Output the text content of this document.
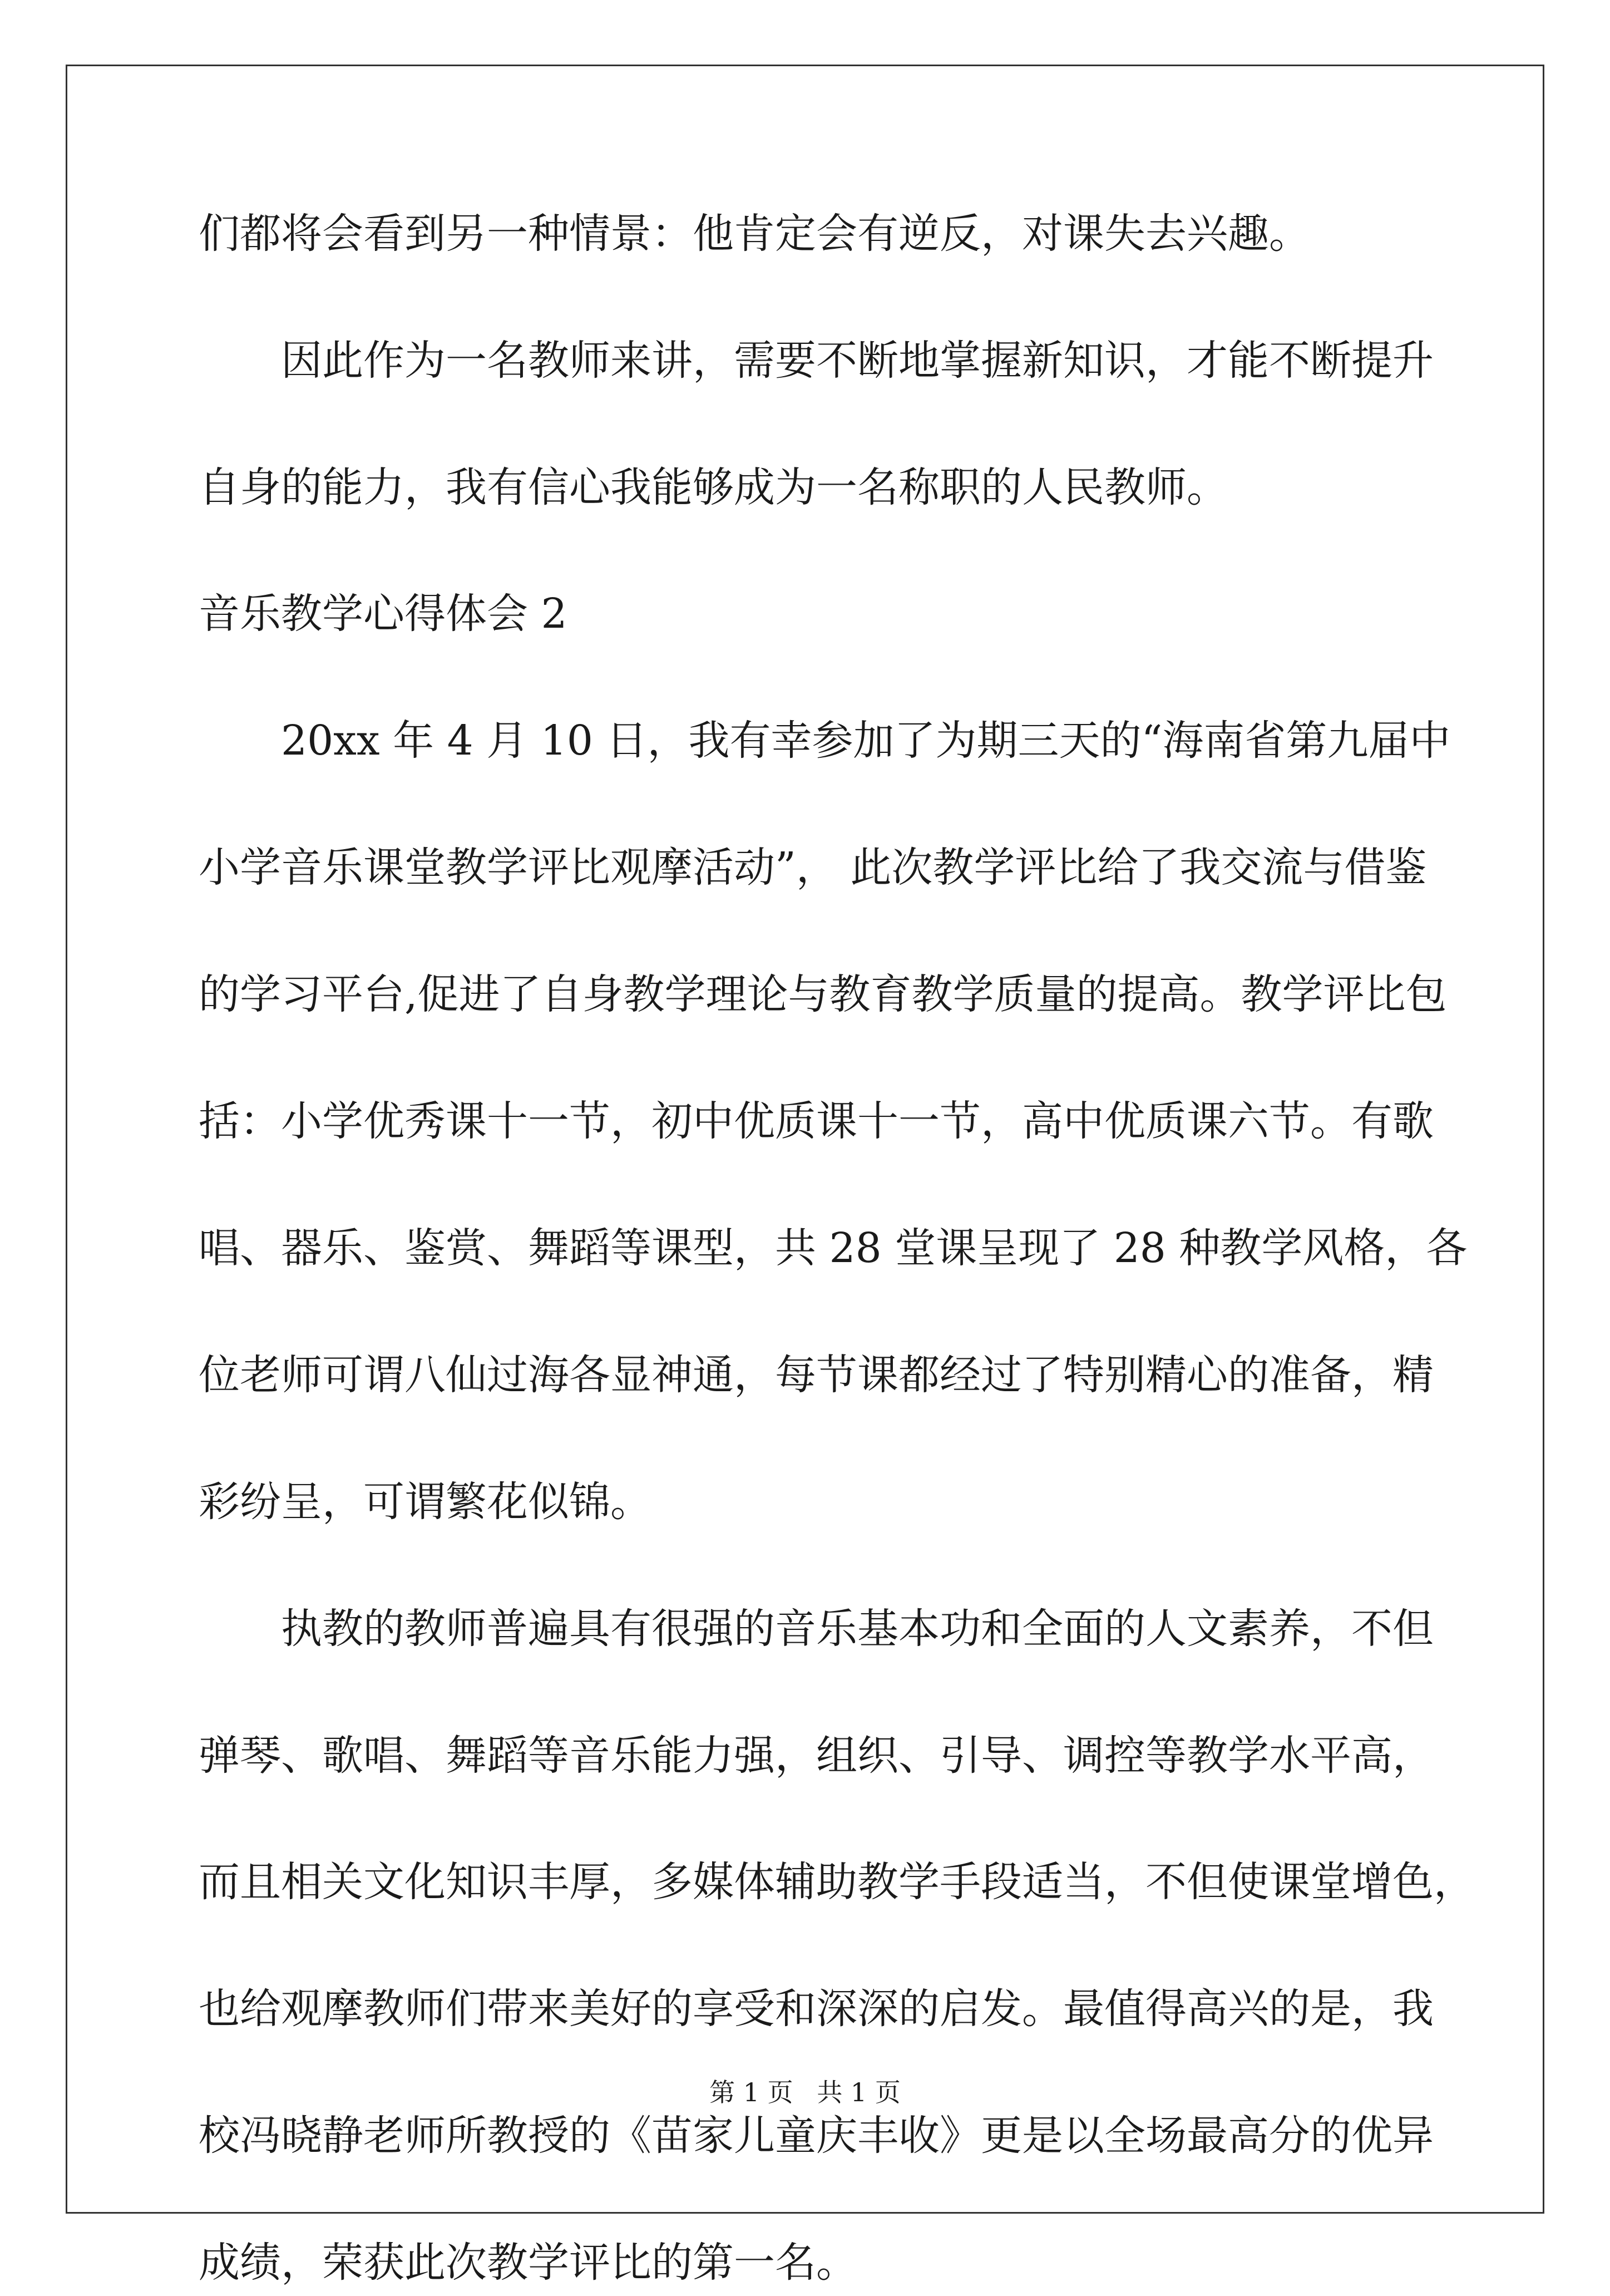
们都将会看到另一种情景：他肯定会有逆反，对课失去兴趣。
因此作为一名教师来讲，需要不断地掌握新知识，才能不断提升
自身的能力，我有信心我能够成为一名称职的人民教师。
音乐教学心得体会 2
20xx 年 4 月 10 日，我有幸参加了为期三天的“海南省第九届中
小学音乐课堂教学评比观摩活动”， 此次教学评比给了我交流与借鉴
的学习平台,促进了自身教学理论与教育教学质量的提高。教学评比包
括：小学优秀课十一节，初中优质课十一节，高中优质课六节。有歌
唱、器乐、鉴赏、舞蹈等课型，共 28 堂课呈现了 28 种教学风格，各
位老师可谓八仙过海各显神通，每节课都经过了特别精心的准备，精
彩纷呈，可谓繁花似锦。
执教的教师普遍具有很强的音乐基本功和全面的人文素养，不但
弹琴、歌唱、舞蹈等音乐能力强，组织、引导、调控等教学水平高，
而且相关文化知识丰厚，多媒体辅助教学手段适当，不但使课堂增色，
也给观摩教师们带来美好的享受和深深的启发。最值得高兴的是，我
校冯晓静老师所教授的《苗家儿童庆丰收》更是以全场最高分的优异
成绩，荣获此次教学评比的第一名。
第 1 页 共 1 页
